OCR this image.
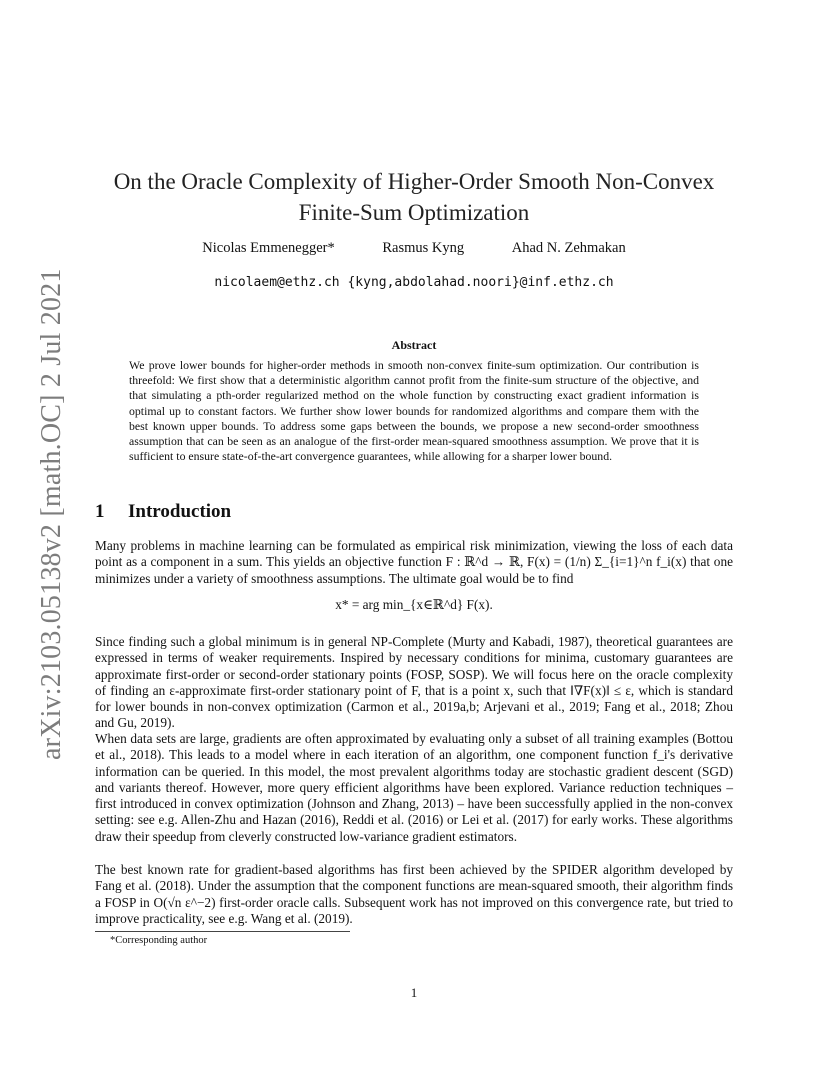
arXiv:2103.05138v2 [math.OC] 2 Jul 2021
On the Oracle Complexity of Higher-Order Smooth Non-Convex
Finite-Sum Optimization
Nicolas Emmenegger*	Rasmus Kyng	Ahad N. Zehmakan
nicolaem@ethz.ch {kyng,abdolahad.noori}@inf.ethz.ch
Abstract
We prove lower bounds for higher-order methods in smooth non-convex finite-sum optimization. Our contribution is threefold: We first show that a deterministic algorithm cannot profit from the finite-sum structure of the objective, and that simulating a pth-order regularized method on the whole function by constructing exact gradient information is optimal up to constant factors. We further show lower bounds for randomized algorithms and compare them with the best known upper bounds. To address some gaps between the bounds, we propose a new second-order smoothness assumption that can be seen as an analogue of the first-order mean-squared smoothness assumption. We prove that it is sufficient to ensure state-of-the-art convergence guarantees, while allowing for a sharper lower bound.
1 Introduction
Many problems in machine learning can be formulated as empirical risk minimization, viewing the loss of each data point as a component in a sum. This yields an objective function F : ℝ^d → ℝ, F(x) = (1/n) Σ_{i=1}^n f_i(x) that one minimizes under a variety of smoothness assumptions. The ultimate goal would be to find
x* = arg min_{x∈ℝ^d} F(x).
Since finding such a global minimum is in general NP-Complete (Murty and Kabadi, 1987), theoretical guarantees are expressed in terms of weaker requirements. Inspired by necessary conditions for minima, customary guarantees are approximate first-order or second-order stationary points (FOSP, SOSP). We will focus here on the oracle complexity of finding an ε-approximate first-order stationary point of F, that is a point x, such that ‖∇F(x)‖ ≤ ε, which is standard for lower bounds in non-convex optimization (Carmon et al., 2019a,b; Arjevani et al., 2019; Fang et al., 2018; Zhou and Gu, 2019).
When data sets are large, gradients are often approximated by evaluating only a subset of all training examples (Bottou et al., 2018). This leads to a model where in each iteration of an algorithm, one component function f_i's derivative information can be queried. In this model, the most prevalent algorithms today are stochastic gradient descent (SGD) and variants thereof. However, more query efficient algorithms have been explored. Variance reduction techniques – first introduced in convex optimization (Johnson and Zhang, 2013) – have been successfully applied in the non-convex setting: see e.g. Allen-Zhu and Hazan (2016), Reddi et al. (2016) or Lei et al. (2017) for early works. These algorithms draw their speedup from cleverly constructed low-variance gradient estimators.
The best known rate for gradient-based algorithms has first been achieved by the SPIDER algorithm developed by Fang et al. (2018). Under the assumption that the component functions are mean-squared smooth, their algorithm finds a FOSP in O(√n ε^−2) first-order oracle calls. Subsequent work has not improved on this convergence rate, but tried to improve practicality, see e.g. Wang et al. (2019).
*Corresponding author
1
